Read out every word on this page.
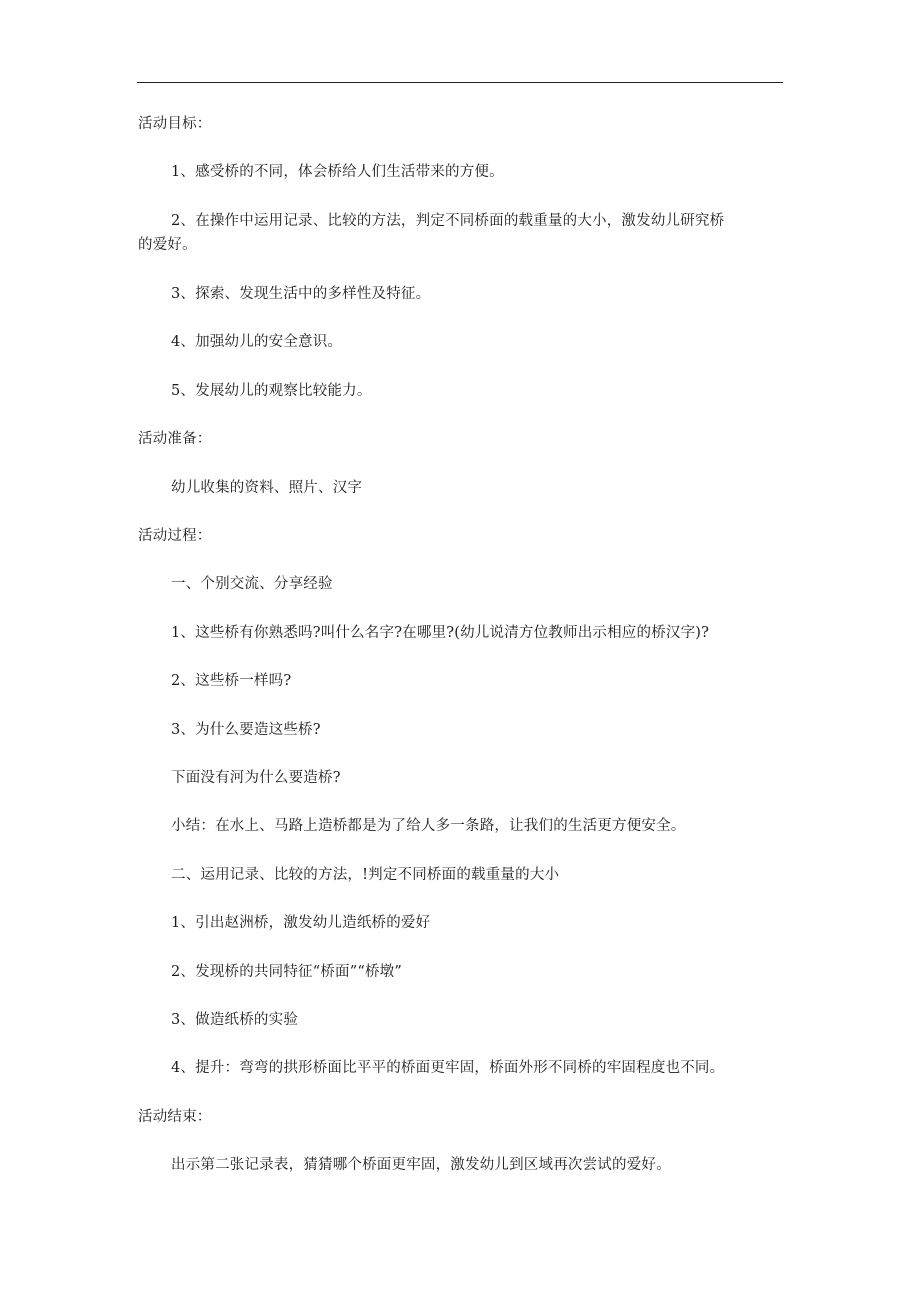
活动目标：
1、感受桥的不同，体会桥给人们生活带来的方便。
2、在操作中运用记录、比较的方法，判定不同桥面的载重量的大小，激发幼儿研究桥
的爱好。
3、探索、发现生活中的多样性及特征。
4、加强幼儿的安全意识。
5、发展幼儿的观察比较能力。
活动准备：
幼儿收集的资料、照片、汉字
活动过程：
一、个别交流、分享经验
1、这些桥有你熟悉吗?叫什么名字?在哪里?(幼儿说清方位教师出示相应的桥汉字)?
2、这些桥一样吗?
3、为什么要造这些桥?
下面没有河为什么要造桥?
小结：在水上、马路上造桥都是为了给人多一条路，让我们的生活更方便安全。
二、运用记录、比较的方法，!判定不同桥面的载重量的大小
1、引出赵洲桥，激发幼儿造纸桥的爱好
2、发现桥的共同特征“桥面”“桥墩”
3、做造纸桥的实验
4、提升：弯弯的拱形桥面比平平的桥面更牢固，桥面外形不同桥的牢固程度也不同。
活动结束：
出示第二张记录表，猜猜哪个桥面更牢固，激发幼儿到区域再次尝试的爱好。
